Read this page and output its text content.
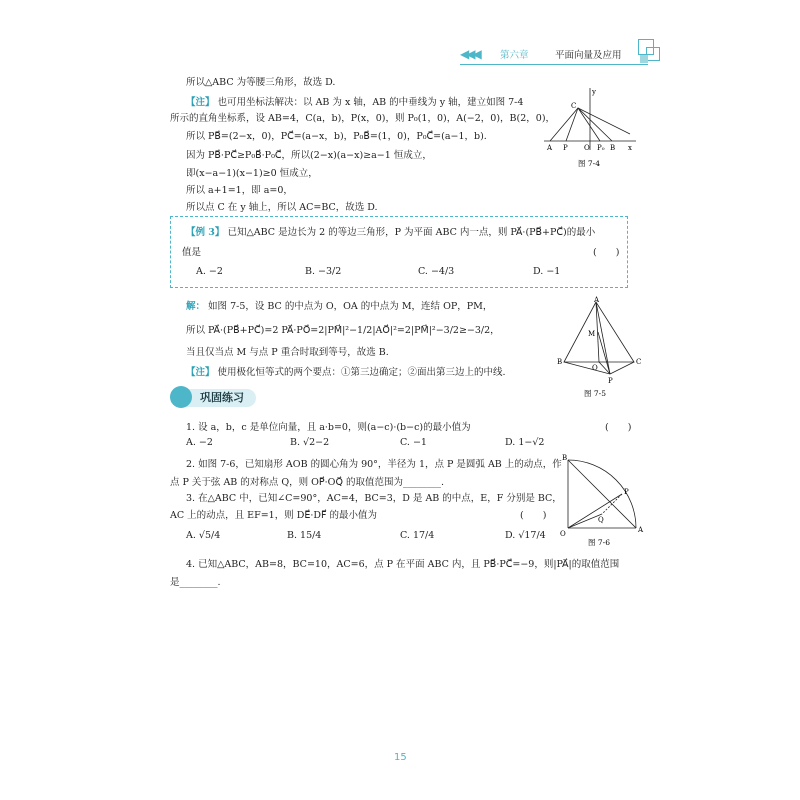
◀◀◀ 第六章	平面向量及应用
所以△ABC 为等腰三角形，故选 D.
【注】 也可用坐标法解决：以 AB 为 x 轴，AB 的中垂线为 y 轴，建立如图 7-4
所示的直角坐标系，设 AB=4，C(a，b)，P(x，0)，则 P₀(1，0)，A(−2，0)，B(2，0)，
所以 PB⃗=(2−x，0)，PC⃗=(a−x，b)，P₀B⃗=(1，0)，P₀C⃗=(a−1，b).
因为 PB⃗·PC⃗≥P₀B⃗·P₀C⃗，所以(2−x)(a−x)≥a−1 恒成立，
即(x−a−1)(x−1)≥0 恒成立，
所以 a+1=1，即 a=0，
所以点 C 在 y 轴上，所以 AC=BC，故选 D.
C
y
A P O P₀ B x
图 7-4
【例 3】 已知△ABC 是边长为 2 的等边三角形，P 为平面 ABC 内一点，则 PA⃗·(PB⃗+PC⃗)的最小
值是	(　　)
A. −2	B. −3/2	C. −4/3	D. −1
解： 如图 7-5，设 BC 的中点为 O，OA 的中点为 M，连结 OP，PM，
所以 PA⃗·(PB⃗+PC⃗)=2 PA⃗·PO⃗=2|PM⃗|²−1/2|AO⃗|²=2|PM⃗|²−3/2≥−3/2，
当且仅当点 M 与点 P 重合时取到等号，故选 B.
【注】 使用极化恒等式的两个要点：①第三边确定；②面出第三边上的中线.
A
M
B
O
C
P
图 7-5
巩固练习
1. 设 a，b，c 是单位向量，且 a·b=0，则(a−c)·(b−c)的最小值为	(　　)
A. −2	B. √2−2	C. −1	D. 1−√2
2. 如图 7-6，已知扇形 AOB 的圆心角为 90°，半径为 1，点 P 是圆弧 AB 上的动点，作
点 P 关于弦 AB 的对称点 Q，则 OP⃗·OQ⃗ 的取值范围为________.
3. 在△ABC 中，已知∠C=90°，AC=4，BC=3，D 是 AB 的中点，E，F 分别是 BC，
AC 上的动点，且 EF=1，则 DE⃗·DF⃗ 的最小值为	(　　)
A. √5/4	B. 15/4	C. 17/4	D. √17/4
4. 已知△ABC，AB=8，BC=10，AC=6，点 P 在平面 ABC 内，且 PB⃗·PC⃗=−9，则|PA⃗|的取值范围
是________.
B
P
Q
O	A
图 7-6
15
